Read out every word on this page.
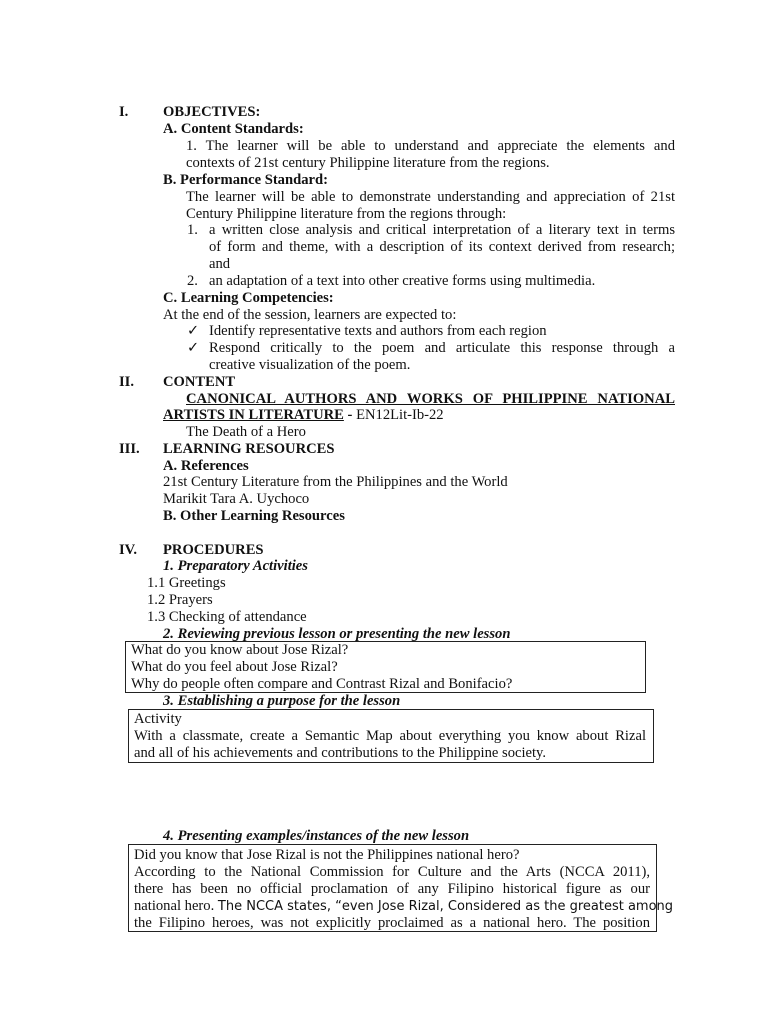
I. OBJECTIVES:
A. Content Standards:
1. The learner will be able to understand and appreciate the elements and
contexts of 21st century Philippine literature from the regions.
B. Performance Standard:
The learner will be able to demonstrate understanding and appreciation of 21st
Century Philippine literature from the regions through:
1. a written close analysis and critical interpretation of a literary text in terms
of form and theme, with a description of its context derived from research;
and
2. an adaptation of a text into other creative forms using multimedia.
C. Learning Competencies:
At the end of the session, learners are expected to:
✓ Identify representative texts and authors from each region
✓ Respond critically to the poem and articulate this response through a
creative visualization of the poem.
II. CONTENT
CANONICAL AUTHORS AND WORKS OF PHILIPPINE NATIONAL
ARTISTS IN LITERATURE - EN12Lit-Ib-22
The Death of a Hero
III. LEARNING RESOURCES
A. References
21st Century Literature from the Philippines and the World
Marikit Tara A. Uychoco
B. Other Learning Resources
IV. PROCEDURES
1. Preparatory Activities
1.1 Greetings
1.2 Prayers
1.3 Checking of attendance
2. Reviewing previous lesson or presenting the new lesson
What do you know about Jose Rizal?
What do you feel about Jose Rizal?
Why do people often compare and Contrast Rizal and Bonifacio?
3. Establishing a purpose for the lesson
Activity
With a classmate, create a Semantic Map about everything you know about Rizal
and all of his achievements and contributions to the Philippine society.
4. Presenting examples/instances of the new lesson
Did you know that Jose Rizal is not the Philippines national hero?
According to the National Commission for Culture and the Arts (NCCA 2011),
there has been no official proclamation of any Filipino historical figure as our
national hero. The NCCA states, “even Jose Rizal, Considered as the greatest among
the Filipino heroes, was not explicitly proclaimed as a national hero. The position
